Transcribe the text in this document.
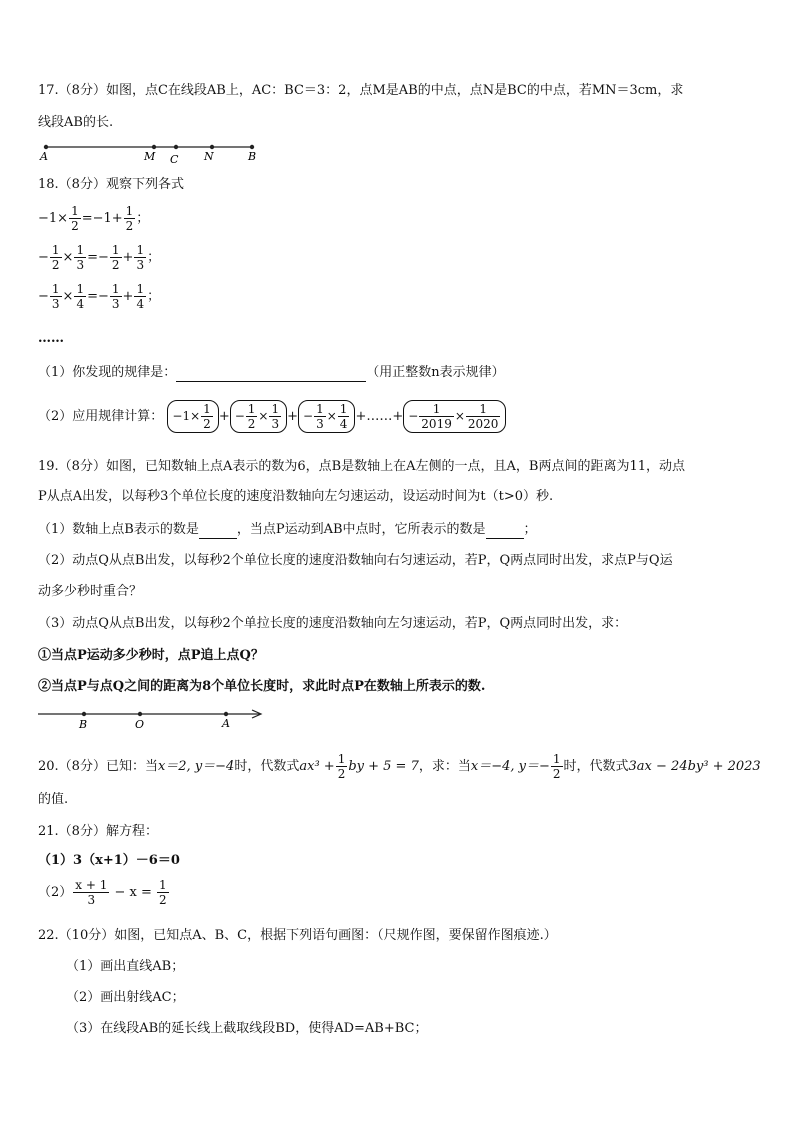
17.（8分）如图，点C在线段AB上，AC：BC＝3：2，点M是AB的中点，点N是BC的中点，若MN＝3cm，求
线段AB的长.
A	M C N	B
18.（8分）观察下列各式
$-1\times \frac{1}{2} =-1+ \frac{1}{2}$ ；
− $\frac{1}{2} \times \frac{1}{3} =- \frac{1}{2} + \frac{1}{3}$ ；
− $\frac{1}{3} \times \frac{1}{4} =- \frac{1}{3} + \frac{1}{4}$ ；
……
（1）你发现的规律是：	（用正整数n表示规律）
（2）应用规律计算： $-1\times \frac{1}{2}$ + − $\frac{1}{2} \times \frac{1}{3}$ + − $\frac{1}{3} \times \frac{1}{4}$ +……+ − $\frac{1}{2019} \times \frac{1}{2020}$
19.（8分）如图，已知数轴上点A表示的数为6，点B是数轴上在A左侧的一点，且A，B两点间的距离为11，动点
P从点A出发，以每秒3个单位长度的速度沿数轴向左匀速运动，设运动时间为t（t>0）秒.
（1）数轴上点B表示的数是	，当点P运动到AB中点时，它所表示的数是	；
（2）动点Q从点B出发，以每秒2个单位长度的速度沿数轴向右匀速运动，若P，Q两点同时出发，求点P与Q运
动多少秒时重合？
（3）动点Q从点B出发，以每秒2个单拉长度的速度沿数轴向左匀速运动，若P，Q两点同时出发，求：
①当点P运动多少秒时，点P追上点Q？
②当点P与点Q之间的距离为8个单位长度时，求此时点P在数轴上所表示的数.
B	O	A
20.（8分）已知：当x＝2, y＝−4时，代数式$ax^3 + \frac{1}{2}$ by + 5 = 7，求：当x＝−4, $y=- \frac{1}{2}$ 时，代数式3ax − 24by³ + 2023
的值.
21.（8分）解方程：
（1）3（x+1）－6＝0
$(2) \frac{x + 1}{3} - x = \frac{1}{2}$
22.（10分）如图，已知点A、B、C，根据下列语句画图：（尺规作图，要保留作图痕迹.）
（1）画出直线AB；
（2）画出射线AC；
（3）在线段AB的延长线上截取线段BD，使得AD=AB+BC；
